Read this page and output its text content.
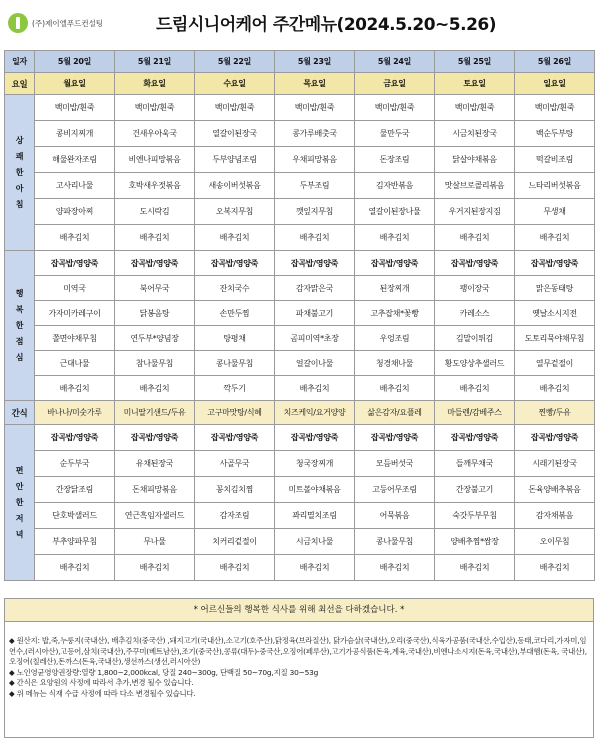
(주)제이엘푸드컨설팅	드림시니어케어 주간메뉴(2024.5.20~5.26)
일자	5월 20일	5월 21일	5월 22일	5월 23일	5월 24일	5월 25일	5월 26일
요일	월요일	화요일	수요일	목요일	금요일	토요일	일요일
상쾌한아침	백미밥/흰죽	백미밥/흰죽	백미밥/흰죽	백미밥/흰죽	백미밥/흰죽	백미밥/흰죽	백미밥/흰죽
	콩비지찌개	건새우아욱국	열갈이된장국	콩가루배춧국	물만두국	시금치된장국	백순두부탕
	해물완자조림	비엔나피망볶음	두부양념조림	우채피망볶음	돈장조림	닭살야채볶음	떡갈비조림
	고사리나물	호박새우젓볶음	새송이버섯볶음	두부조림	김자반볶음	맛살브로콜리볶음	느타리버섯볶음
	양파장아찌	도시락김	오복지무침	깻잎지무침	열갈이된장나물	우거지된장지짐	무생채
	배추김치	배추김치	배추김치	배추김치	배추김치	배추김치	배추김치
행복한점심	잡곡밥/영양죽	잡곡밥/영양죽	잡곡밥/영양죽	잡곡밥/영양죽	잡곡밥/영양죽	잡곡밥/영양죽	잡곡밥/영양죽
	미역국	북어무국	잔치국수	감자맑은국	된장찌개	팽이장국	맑은동태탕
	가자미카레구이	닭봉음탕	손만두찜	파채불고기	고추잡채*꽃빵	카레소스	옛날소시지전
	쫄면야채무침	연두부*양념장	탕평채	곰피미역*초장	우엉조림	김말이튀김	도토리묵야채무침
	근대나물	참나물무침	콩나물무침	얼갈이나물	청경채나물	황도양상추샐러드	열무겉절이
	배추김치	배추김치	깍두기	배추김치	배추김치	배추김치	배추김치
간식	바나나/미숫가루	미니딸기샌드/두유	고구마맛탕/식혜	치즈케익/요거양양	삶은감자/요플레	마들렌/감베주스	찐빵/두유
편안한저녁	잡곡밥/영양죽	잡곡밥/영양죽	잡곡밥/영양죽	잡곡밥/영양죽	잡곡밥/영양죽	잡곡밥/영양죽	잡곡밥/영양죽
	순두부국	유채된장국	사골무국	청국장찌개	모듬버섯국	들깨무채국	시래기된장국
	간장닭조림	돈채피망볶음	꽁치김치찜	미트볼야채볶음	고등어무조림	간장불고기	돈육양배추볶음
	단호박샐러드	연근흑임자샐러드	감자조림	꽈리멸치조림	어묵볶음	숙갓두부무침	감자채볶음
	부추양파무침	무나물	치커리겉절이	시금치나물	콩나물무침	양배추찜*쌈장	오이무침
	배추김치	배추김치	배추김치	배추김치	배추김치	배추김치	배추김치
* 어르신들의 행복한 식사를 위해 최선을 다하겠습니다. *

◆ 원산지: 밥,죽,누룽지(국내산), 배추김치(중국산) ,돼지고기(국내산),소고기(호주산),닭정육(브라질산), 닭가슴살(국내산),오리(중국산),식육가공품(국내산,수입산),동태,코다리,가자미,임연수,(러시아산),고등어,삼치(국내산),주꾸미(베트남산),조기(중국산),콩류(대두)-중국산,오징어(페루산),고기가공식품(돈육,계육,국내산),비엔나소시지(돈육,국내산),부대햄(돈육, 국내산),오징어(칠레산),돈까스(돈육,국내산),생선까스(생선,러시아산)

◆ 노인영균영양권장량:열량 1,800~2,000kcal, 당질 240~300g, 단백질 50~70g,지질 30~53g

◆ 간식은 요양원의 사정에 따라서 추가,변경 될수 있습니다.

◆ 위 메뉴는 식재 수급 사정에 따라 다소 변경될수 있습니다.
